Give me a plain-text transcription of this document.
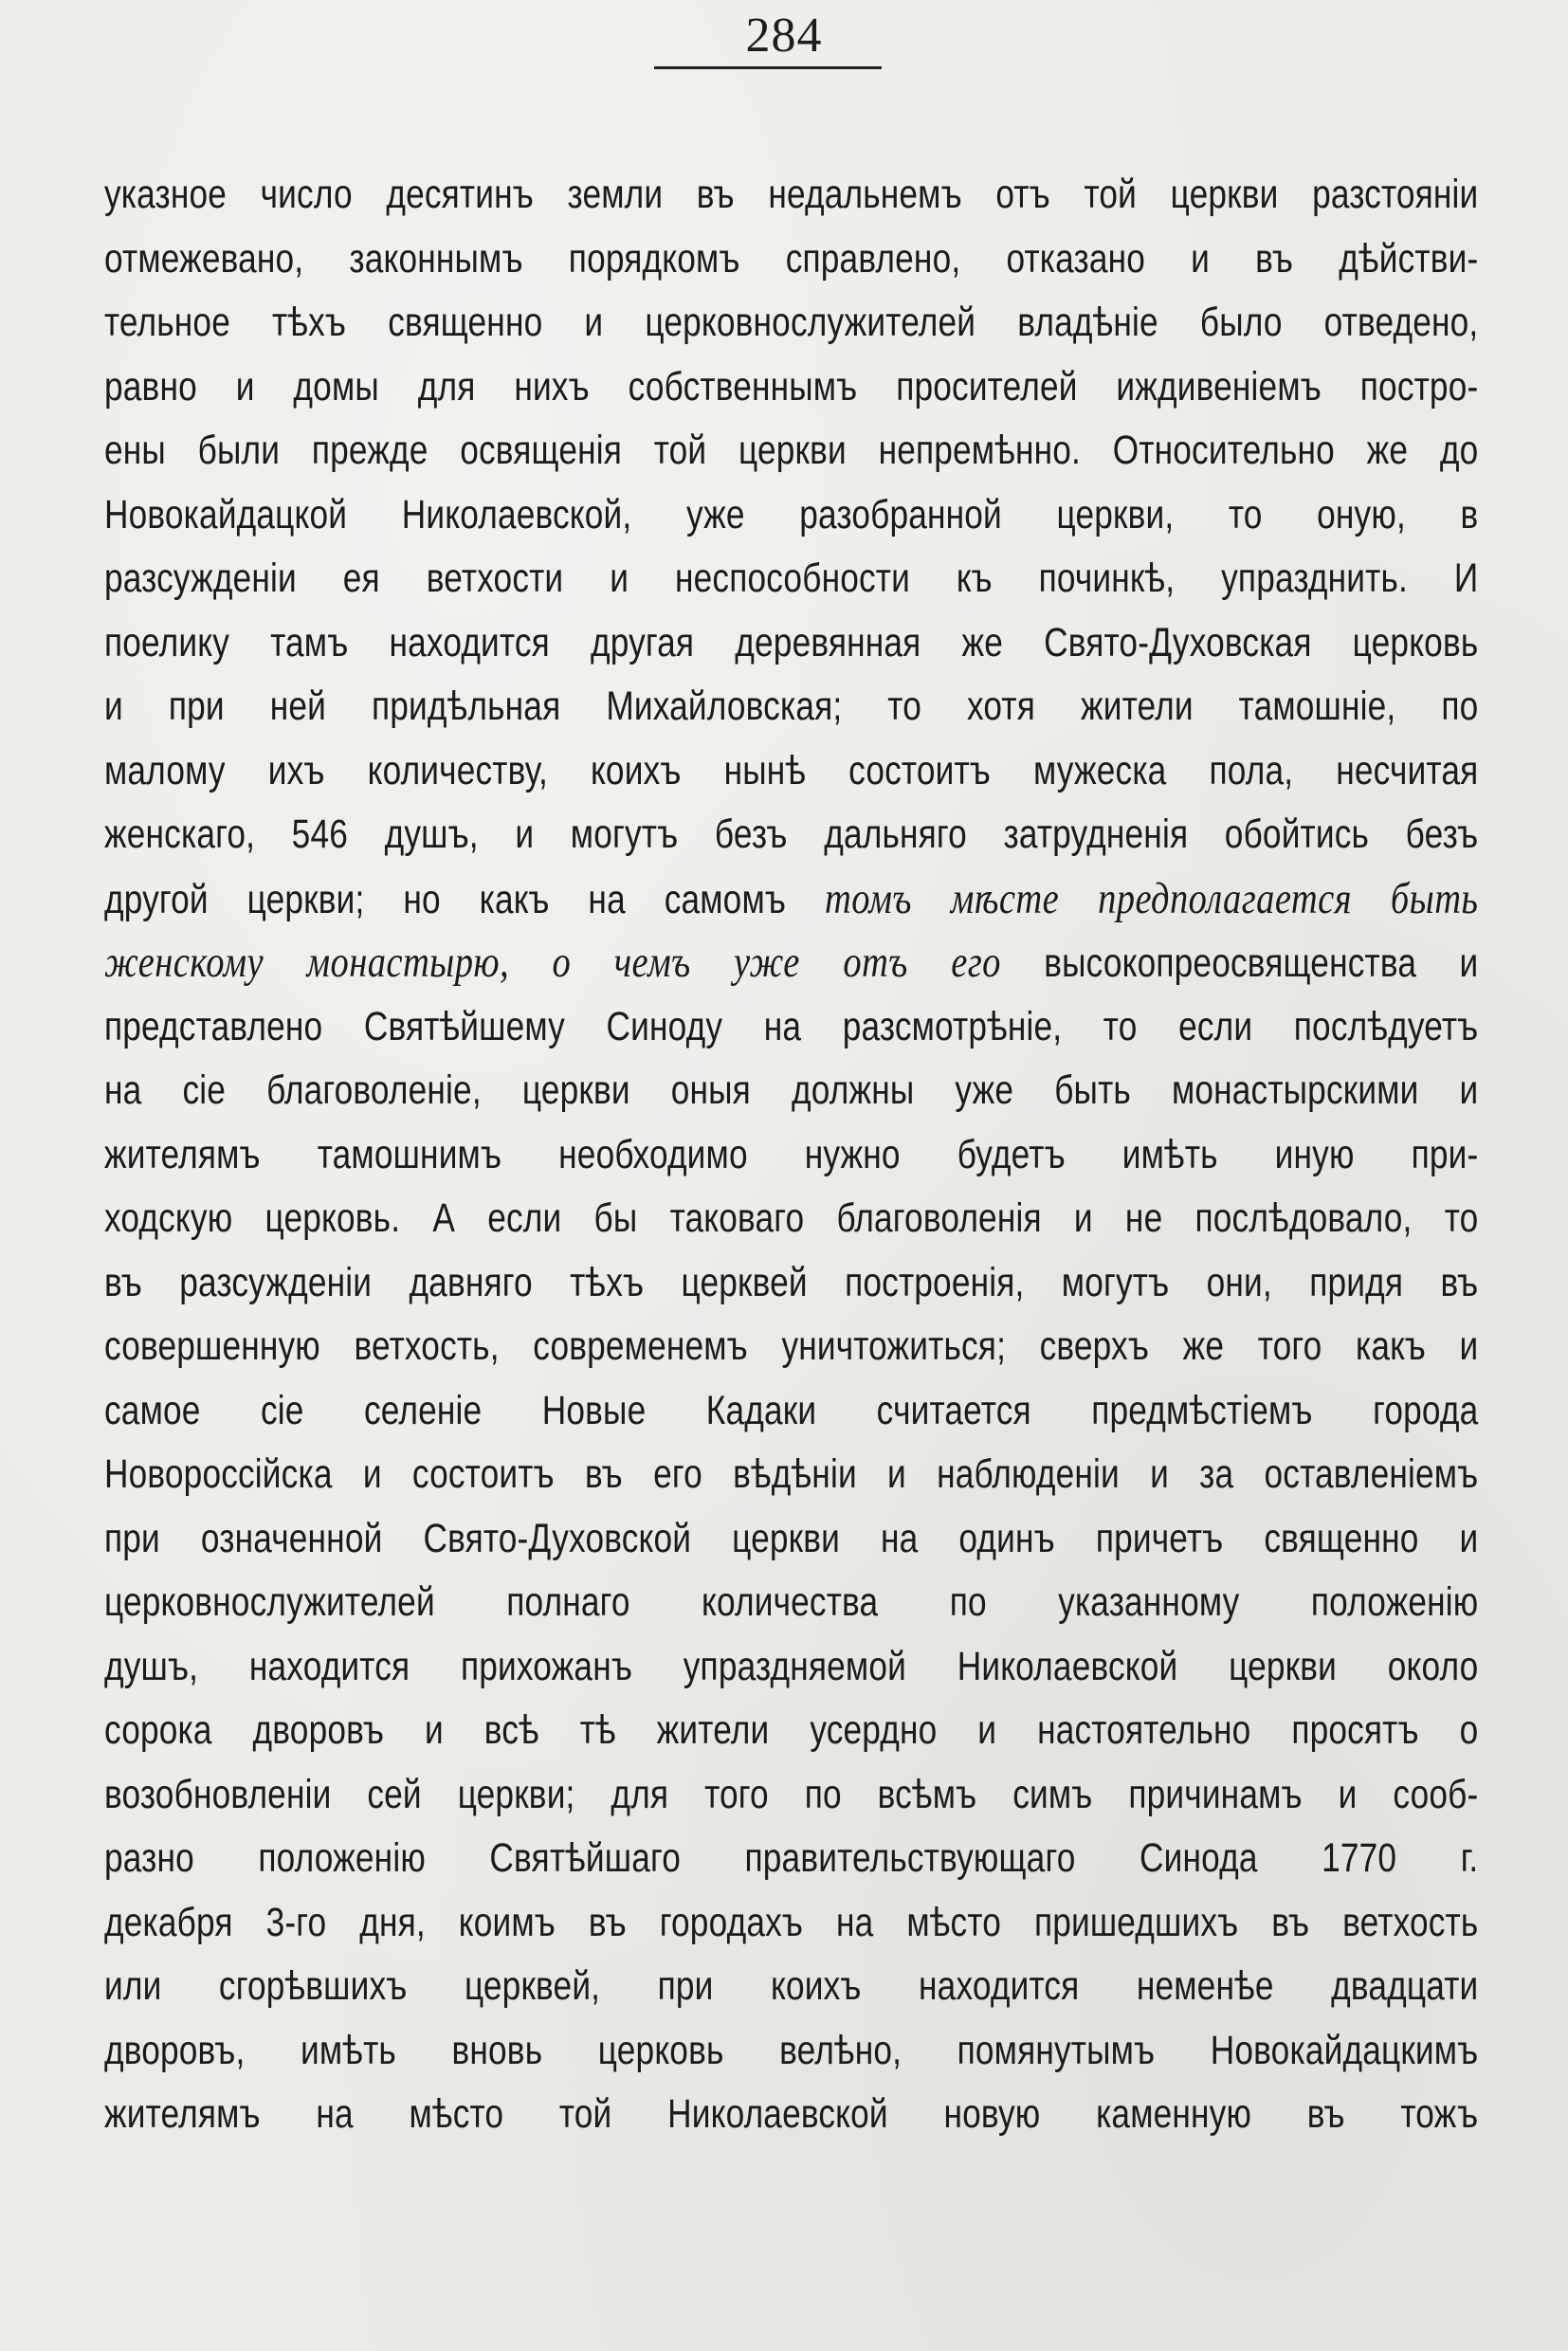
284
указное число десятинъ земли въ недальнемъ отъ той церкви разстояніи
отмежевано, законнымъ порядкомъ справлено, отказано и въ дѣйстви-
тельное тѣхъ священно и церковнослужителей владѣніе было отведено,
равно и домы для нихъ собственнымъ просителей иждивеніемъ постро-
ены были прежде освященія той церкви непремѣнно. Относительно же до
Новокайдацкой Николаевской, уже разобранной церкви, то оную, в
разсужденіи ея ветхости и неспособности къ починкѣ, упразднить. И
поелику тамъ находится другая деревянная же Свято-Духовская церковь
и при ней придѣльная Михайловская; то хотя жители тамошніе, по
малому ихъ количеству, коихъ нынѣ состоитъ мужеска пола, несчитая
женскаго, 546 душъ, и могутъ безъ дальняго затрудненія обойтись безъ
другой церкви; но какъ на самомъ томъ мѣсте предполагается быть
женскому монастырю, о чемъ уже отъ его высокопреосвященства и
представлено Святѣйшему Синоду на разсмотрѣніе, то если послѣдуетъ
на сіе благоволеніе, церкви оныя должны уже быть монастырскими и
жителямъ тамошнимъ необходимо нужно будетъ имѣть иную при-
ходскую церковь. А если бы таковаго благоволенія и не послѣдовало, то
въ разсужденіи давняго тѣхъ церквей построенія, могутъ они, придя въ
совершенную ветхость, современемъ уничтожиться; сверхъ же того какъ и
самое сіе селеніе Новые Кадаки считается предмѣстіемъ города
Новороссійска и состоитъ въ его вѣдѣніи и наблюденіи и за оставленіемъ
при означенной Свято-Духовской церкви на одинъ причетъ священно и
церковнослужителей полнаго количества по указанному положенію
душъ, находится прихожанъ упраздняемой Николаевской церкви около
сорока дворовъ и всѣ тѣ жители усердно и настоятельно просятъ о
возобновленіи сей церкви; для того по всѣмъ симъ причинамъ и сооб-
разно положенію Святѣйшаго правительствующаго Синода 1770 г.
декабря 3-го дня, коимъ въ городахъ на мѣсто пришедшихъ въ ветхость
или сгорѣвшихъ церквей, при коихъ находится неменѣе двадцати
дворовъ, имѣть вновь церковь велѣно, помянутымъ Новокайдацкимъ
жителямъ на мѣсто той Николаевской новую каменную въ тожъ
